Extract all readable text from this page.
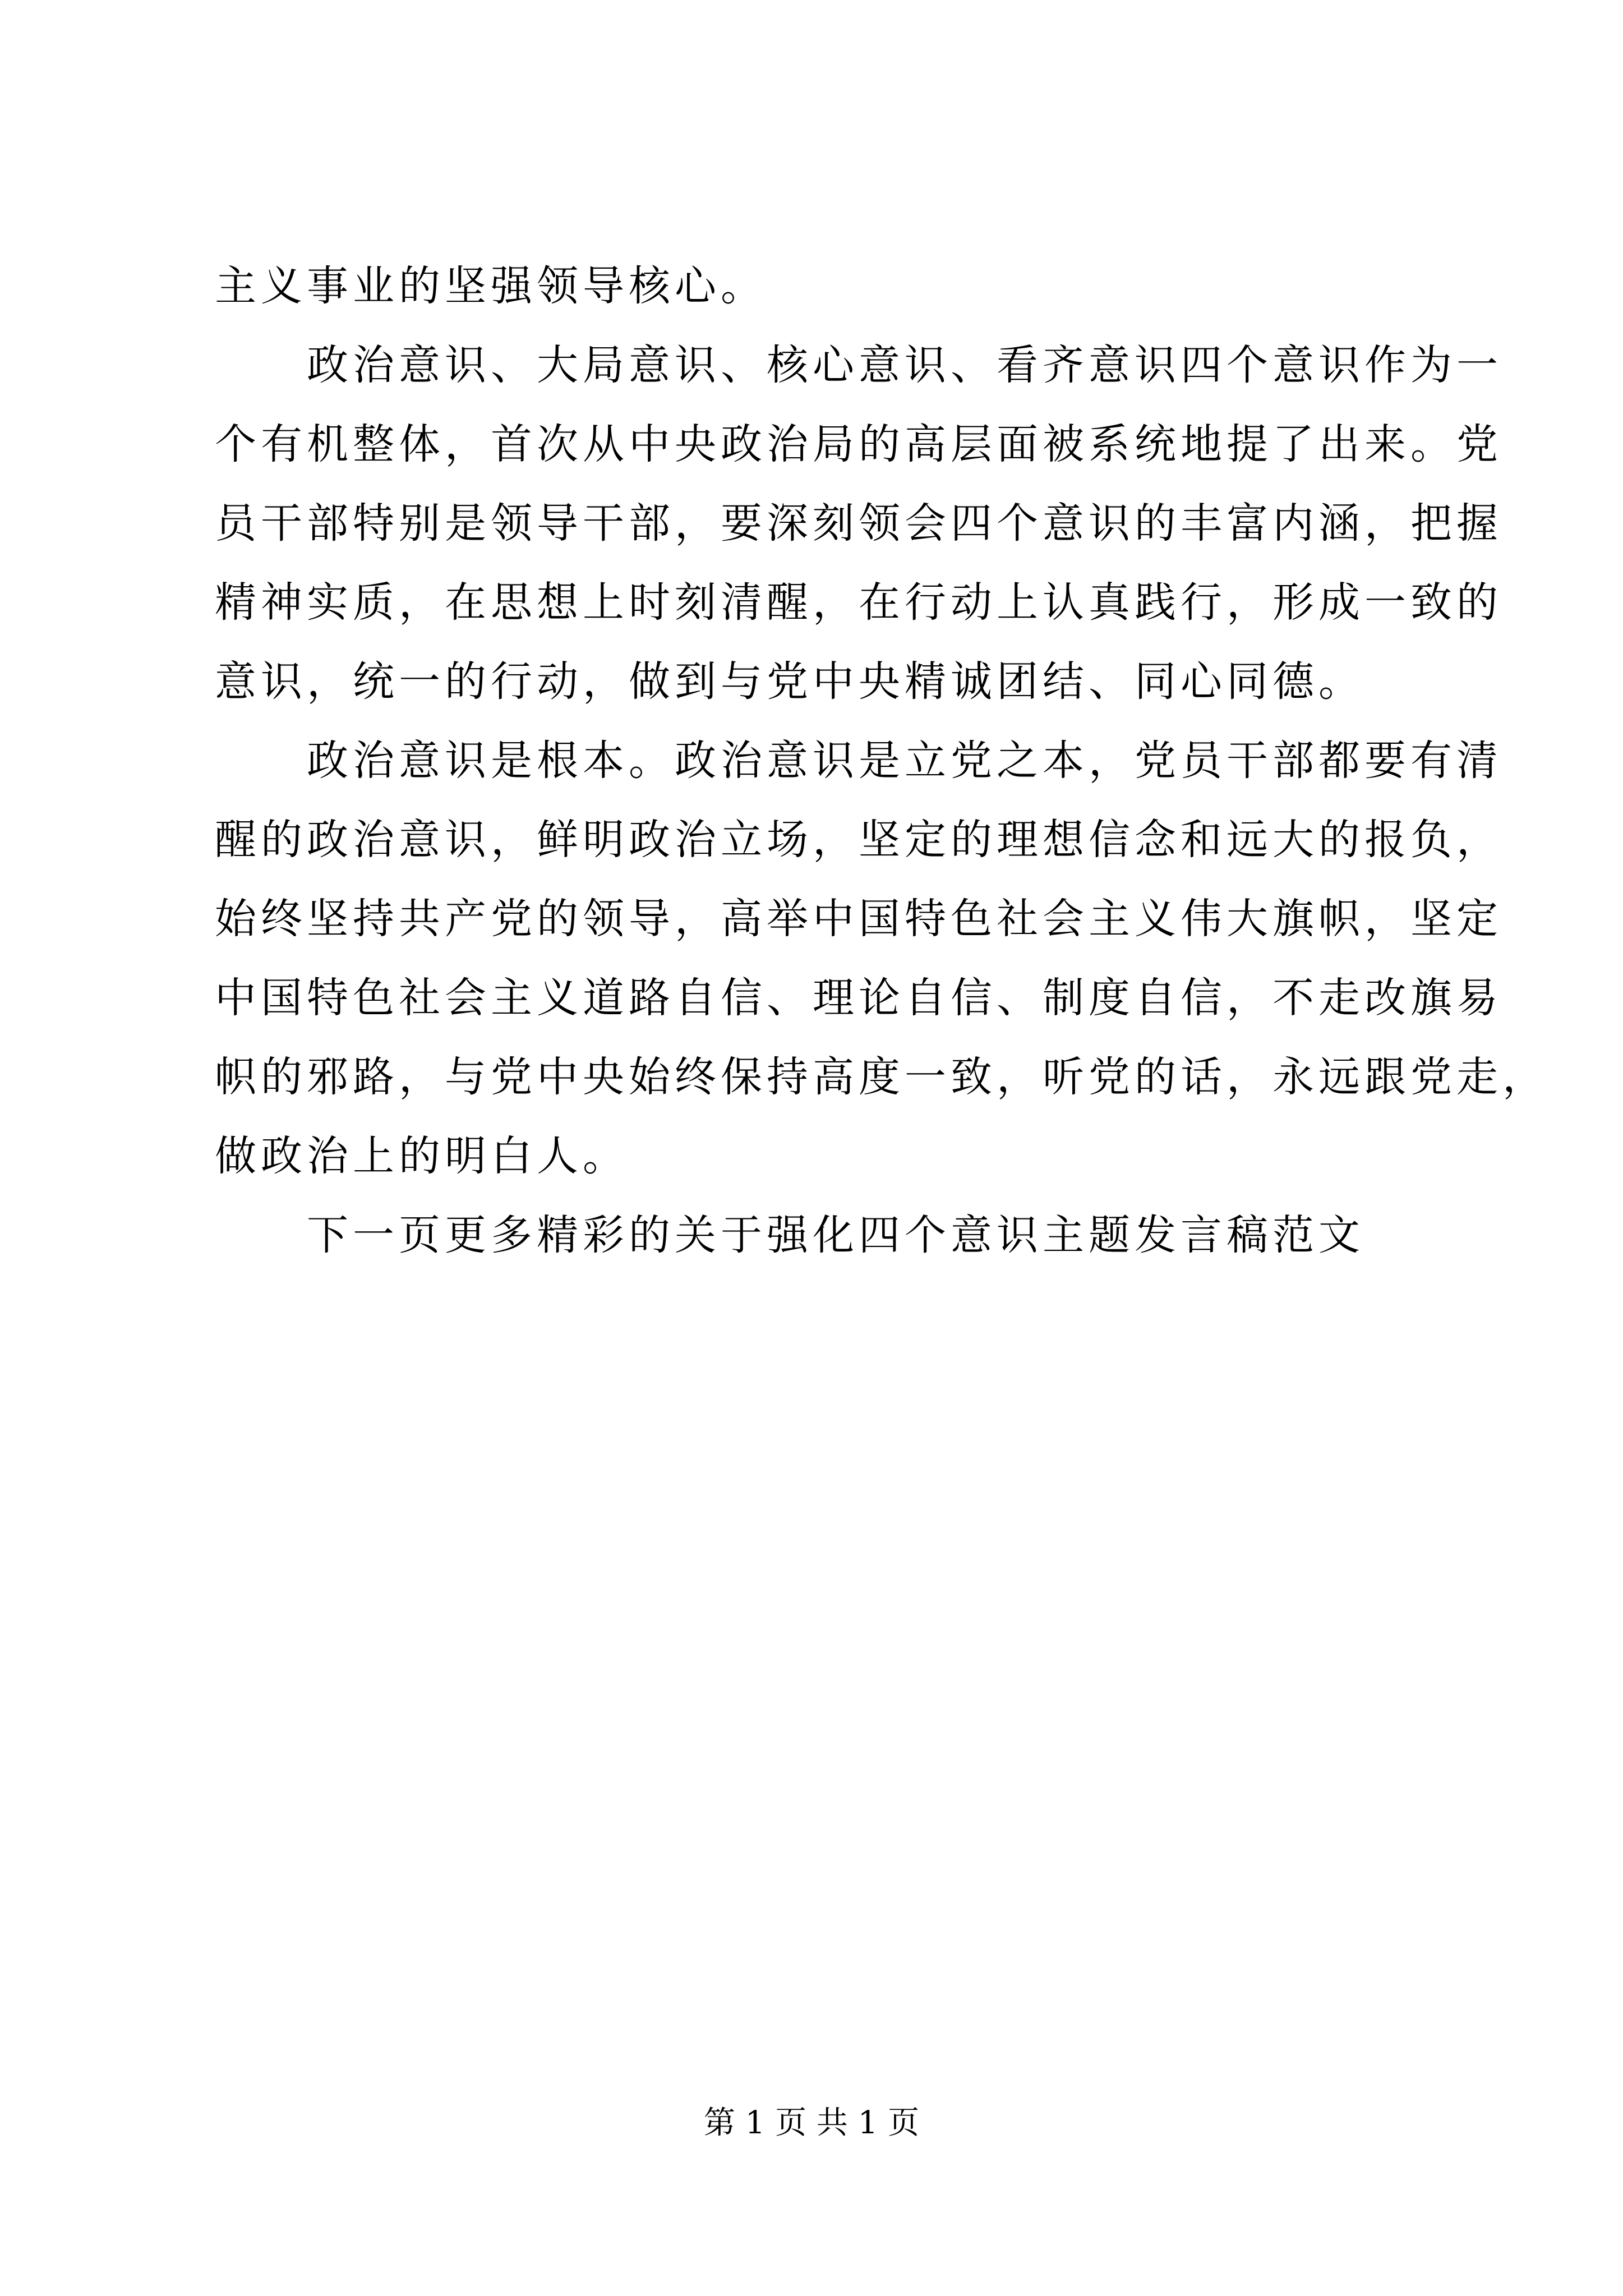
主义事业的坚强领导核心。
政治意识、大局意识、核心意识、看齐意识四个意识作为一
个有机整体，首次从中央政治局的高层面被系统地提了出来。党
员干部特别是领导干部，要深刻领会四个意识的丰富内涵，把握
精神实质，在思想上时刻清醒，在行动上认真践行，形成一致的
意识，统一的行动，做到与党中央精诚团结、同心同德。
政治意识是根本。政治意识是立党之本，党员干部都要有清
醒的政治意识，鲜明政治立场，坚定的理想信念和远大的报负，
始终坚持共产党的领导，高举中国特色社会主义伟大旗帜，坚定
中国特色社会主义道路自信、理论自信、制度自信，不走改旗易
帜的邪路，与党中央始终保持高度一致，听党的话，永远跟党走，
做政治上的明白人。
下一页更多精彩的关于强化四个意识主题发言稿范文
第 1 页 共 1 页
